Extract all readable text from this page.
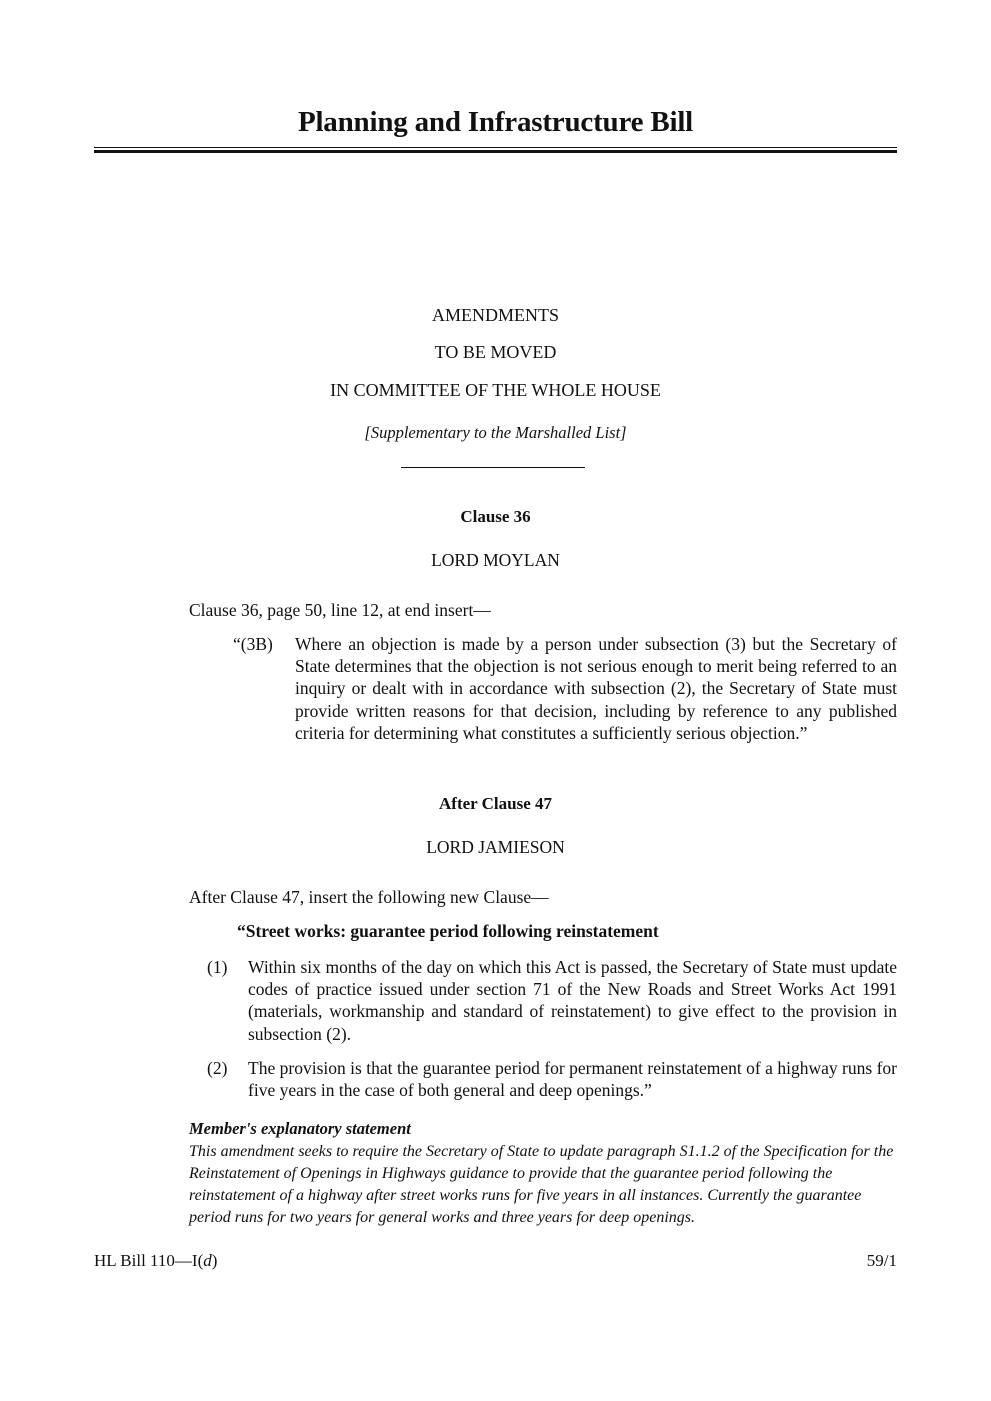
Planning and Infrastructure Bill
AMENDMENTS
TO BE MOVED
IN COMMITTEE OF THE WHOLE HOUSE
[Supplementary to the Marshalled List]
Clause 36
LORD MOYLAN
Clause 36, page 50, line 12, at end insert—
“(3B) Where an objection is made by a person under subsection (3) but the Secretary of State determines that the objection is not serious enough to merit being referred to an inquiry or dealt with in accordance with subsection (2), the Secretary of State must provide written reasons for that decision, including by reference to any published criteria for determining what constitutes a sufficiently serious objection.”
After Clause 47
LORD JAMIESON
After Clause 47, insert the following new Clause—
“Street works: guarantee period following reinstatement
(1) Within six months of the day on which this Act is passed, the Secretary of State must update codes of practice issued under section 71 of the New Roads and Street Works Act 1991 (materials, workmanship and standard of reinstatement) to give effect to the provision in subsection (2).
(2) The provision is that the guarantee period for permanent reinstatement of a highway runs for five years in the case of both general and deep openings.”
Member's explanatory statement
This amendment seeks to require the Secretary of State to update paragraph S1.1.2 of the Specification for the Reinstatement of Openings in Highways guidance to provide that the guarantee period following the reinstatement of a highway after street works runs for five years in all instances. Currently the guarantee period runs for two years for general works and three years for deep openings.
HL Bill 110—I(d)	59/1
